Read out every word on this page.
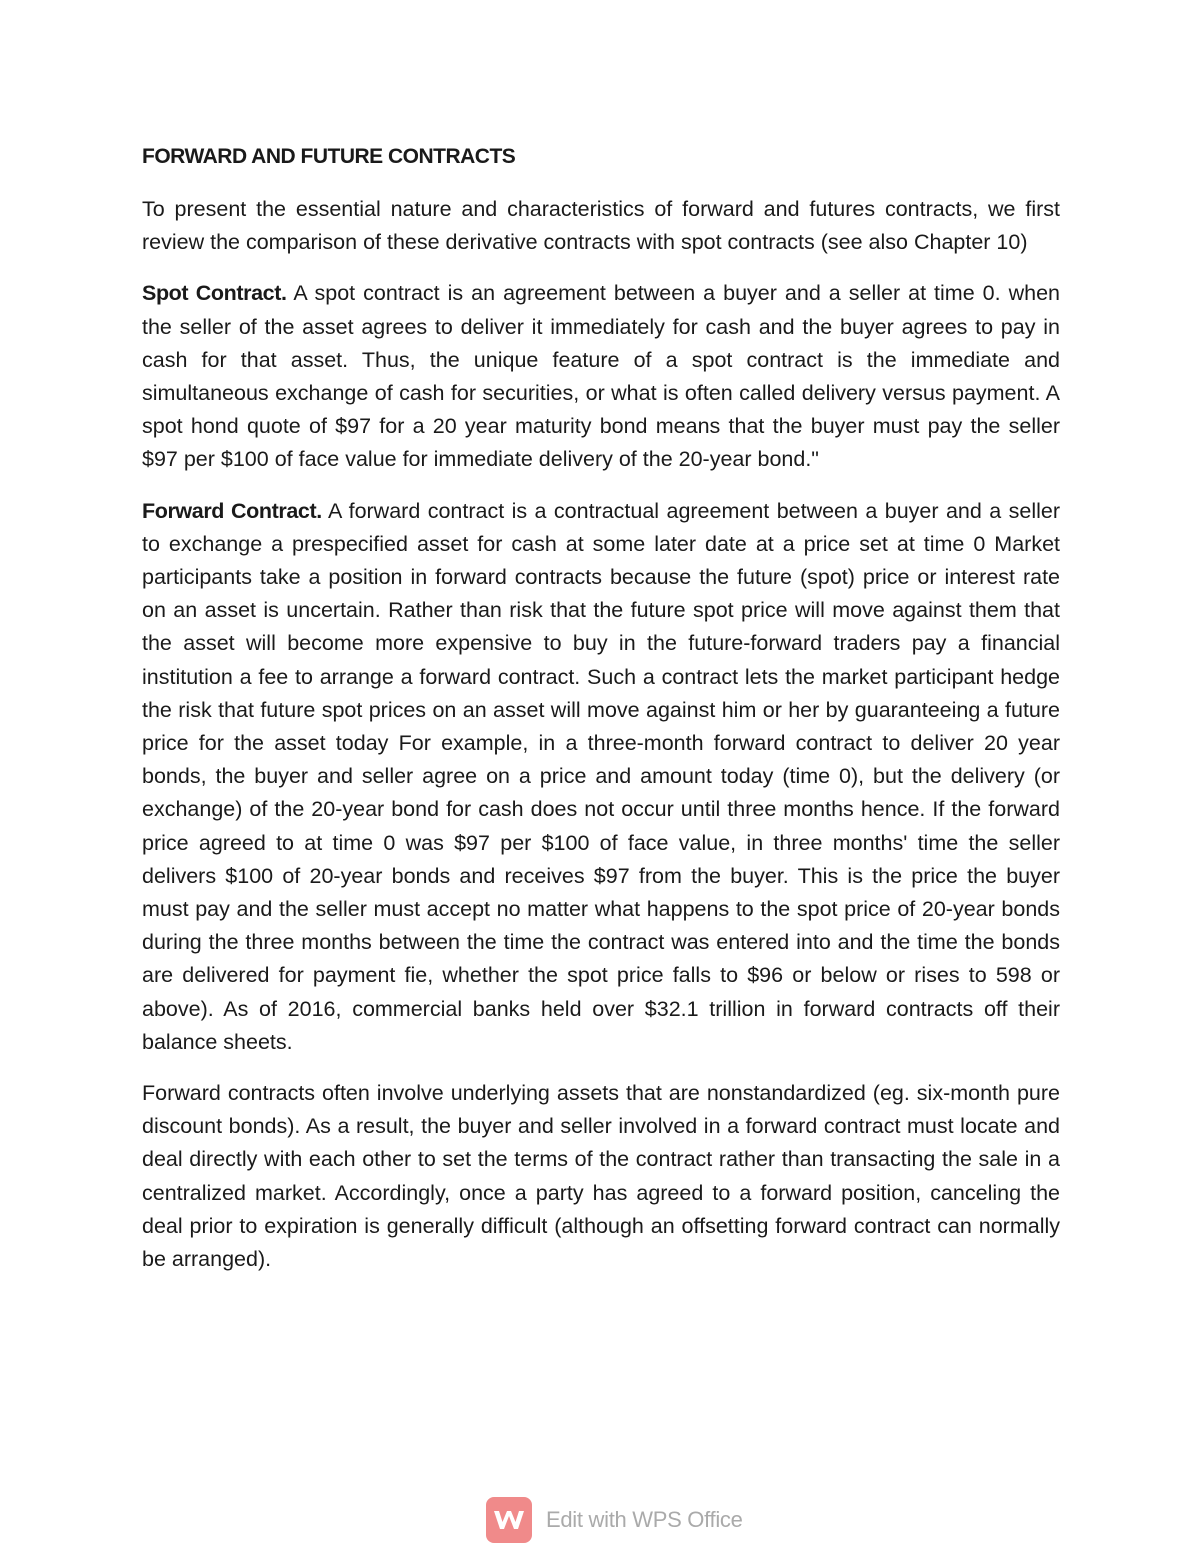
FORWARD AND FUTURE CONTRACTS

To present the essential nature and characteristics of forward and futures contracts, we first review the comparison of these derivative contracts with spot contracts (see also Chapter 10)

Spot Contract. A spot contract is an agreement between a buyer and a seller at time 0. when the seller of the asset agrees to deliver it immediately for cash and the buyer agrees to pay in cash for that asset. Thus, the unique feature of a spot contract is the immediate and simultaneous exchange of cash for securities, or what is often called delivery versus payment. A spot hond quote of $97 for a 20 year maturity bond means that the buyer must pay the seller $97 per $100 of face value for immediate delivery of the 20-year bond."

Forward Contract. A forward contract is a contractual agreement between a buyer and a seller to exchange a prespecified asset for cash at some later date at a price set at time 0 Market participants take a position in forward contracts because the future (spot) price or interest rate on an asset is uncertain. Rather than risk that the future spot price will move against them that the asset will become more expensive to buy in the future-forward traders pay a financial institution a fee to arrange a forward contract. Such a contract lets the market participant hedge the risk that future spot prices on an asset will move against him or her by guaranteeing a future price for the asset today For example, in a three-month forward contract to deliver 20 year bonds, the buyer and seller agree on a price and amount today (time 0), but the delivery (or exchange) of the 20-year bond for cash does not occur until three months hence. If the forward price agreed to at time 0 was $97 per $100 of face value, in three months' time the seller delivers $100 of 20-year bonds and receives $97 from the buyer. This is the price the buyer must pay and the seller must accept no matter what happens to the spot price of 20-year bonds during the three months between the time the contract was entered into and the time the bonds are delivered for payment fie, whether the spot price falls to $96 or below or rises to 598 or above). As of 2016, commercial banks held over $32.1 trillion in forward contracts off their balance sheets.

Forward contracts often involve underlying assets that are nonstandardized (eg. six-month pure discount bonds). As a result, the buyer and seller involved in a forward contract must locate and deal directly with each other to set the terms of the contract rather than transacting the sale in a centralized market. Accordingly, once a party has agreed to a forward position, canceling the deal prior to expiration is generally difficult (although an offsetting forward contract can normally be arranged).

Edit with WPS Office
